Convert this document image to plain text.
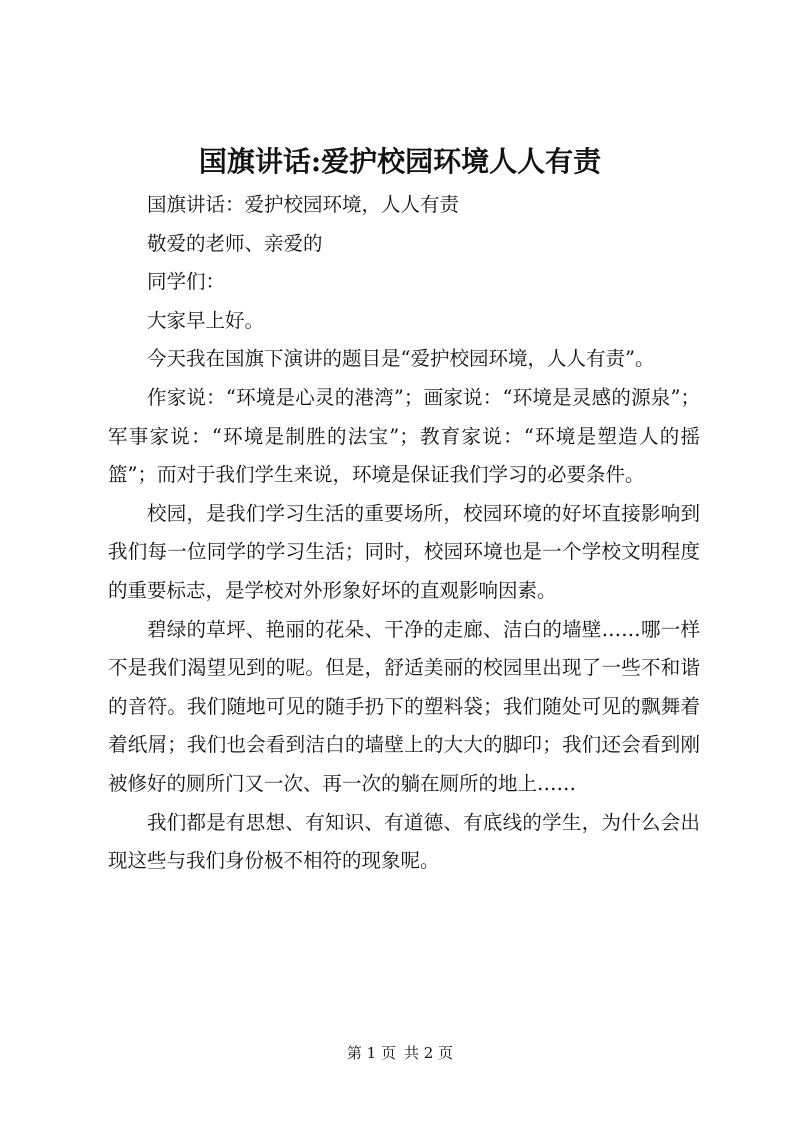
国旗讲话:爱护校园环境人人有责

国旗讲话：爱护校园环境，人人有责

敬爱的老师、亲爱的

同学们：

大家早上好。

今天我在国旗下演讲的题目是“爱护校园环境，人人有责”。

作家说：“环境是心灵的港湾”；画家说：“环境是灵感的源泉”；军事家说：“环境是制胜的法宝”；教育家说：“环境是塑造人的摇篮”；而对于我们学生来说，环境是保证我们学习的必要条件。

校园，是我们学习生活的重要场所，校园环境的好坏直接影响到我们每一位同学的学习生活；同时，校园环境也是一个学校文明程度的重要标志，是学校对外形象好坏的直观影响因素。

碧绿的草坪、艳丽的花朵、干净的走廊、洁白的墙壁……哪一样不是我们渴望见到的呢。但是，舒适美丽的校园里出现了一些不和谐的音符。我们随地可见的随手扔下的塑料袋；我们随处可见的飘舞着着纸屑；我们也会看到洁白的墙壁上的大大的脚印；我们还会看到刚被修好的厕所门又一次、再一次的躺在厕所的地上……

我们都是有思想、有知识、有道德、有底线的学生，为什么会出现这些与我们身份极不相符的现象呢。

第 1 页 共 2 页
